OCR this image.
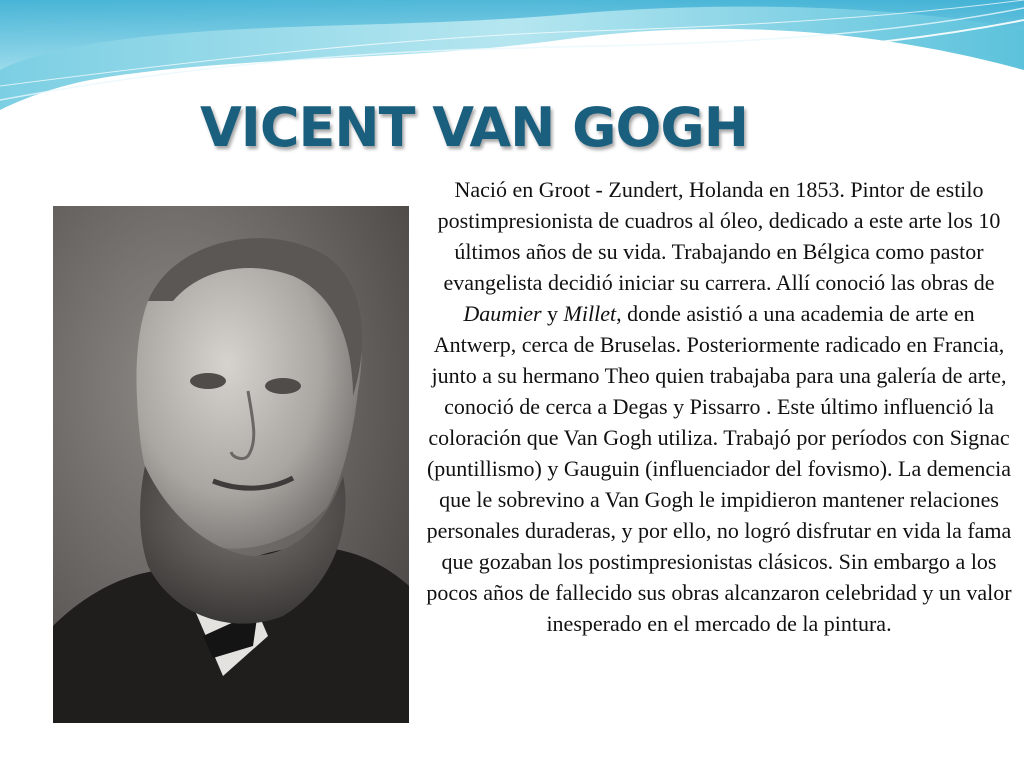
VICENT VAN GOGH

Nació en Groot - Zundert, Holanda en 1853. Pintor de estilo postimpresionista de cuadros al óleo, dedicado a este arte los 10 últimos años de su vida. Trabajando en Bélgica como pastor evangelista decidió iniciar su carrera. Allí conoció las obras de Daumier y Millet, donde asistió a una academia de arte en Antwerp, cerca de Bruselas. Posteriormente radicado en Francia, junto a su hermano Theo quien trabajaba para una galería de arte, conoció de cerca a Degas y Pissarro . Este último influenció la coloración que Van Gogh utiliza. Trabajó por períodos con Signac (puntillismo) y Gauguin (influenciador del fovismo). La demencia que le sobrevino a Van Gogh le impidieron mantener relaciones personales duraderas, y por ello, no logró disfrutar en vida la fama que gozaban los postimpresionistas clásicos. Sin embargo a los pocos años de fallecido sus obras alcanzaron celebridad y un valor inesperado en el mercado de la pintura.
